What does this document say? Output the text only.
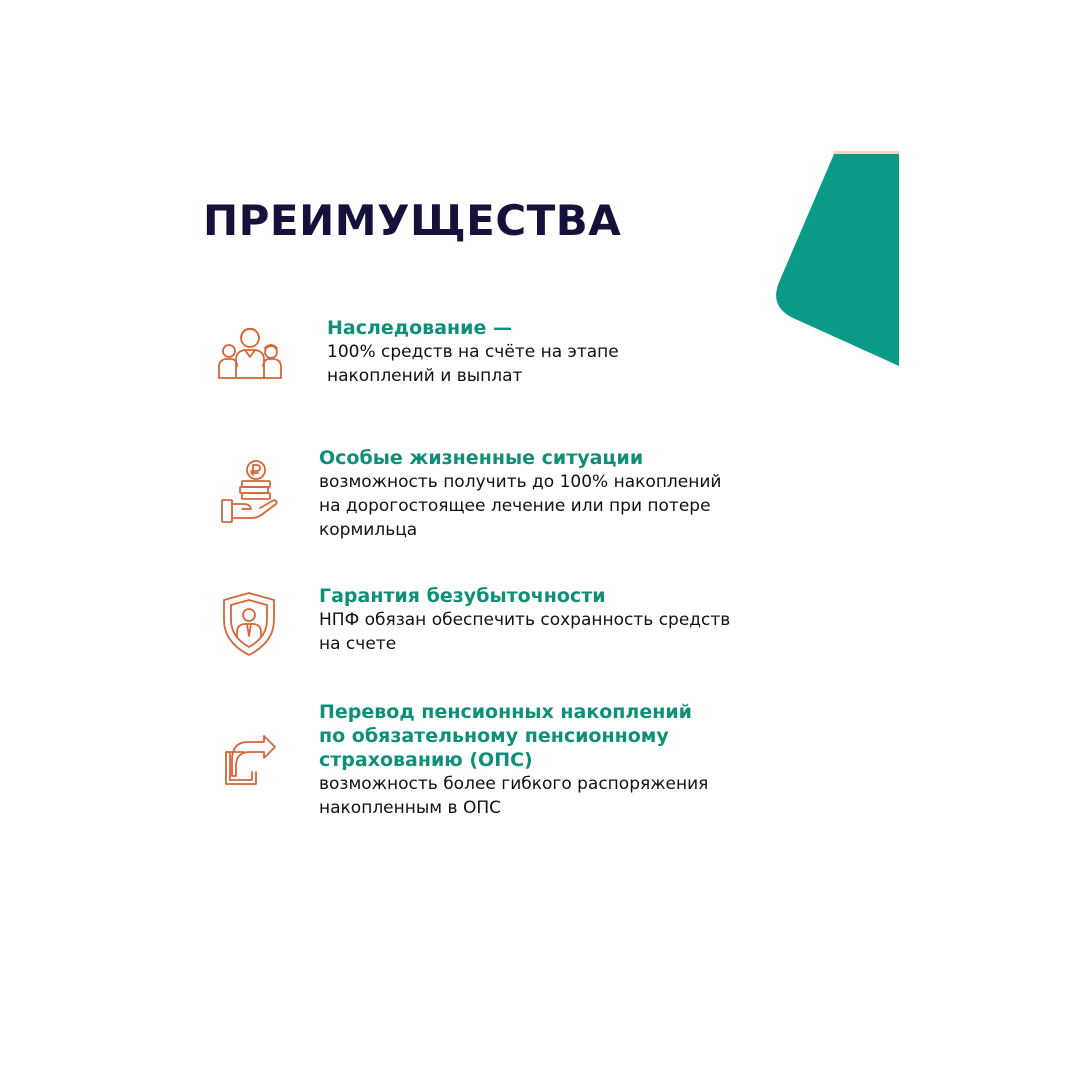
ПРЕИМУЩЕСТВА
Наследование —
100% средств на счёте на этапе
накоплений и выплат
Особые жизненные ситуации
возможность получить до 100% накоплений
на дорогостоящее лечение или при потере
кормильца
Гарантия безубыточности
НПФ обязан обеспечить сохранность средств
на счете
Перевод пенсионных накоплений
по обязательному пенсионному
страхованию (ОПС)
возможность более гибкого распоряжения
накопленным в ОПС
